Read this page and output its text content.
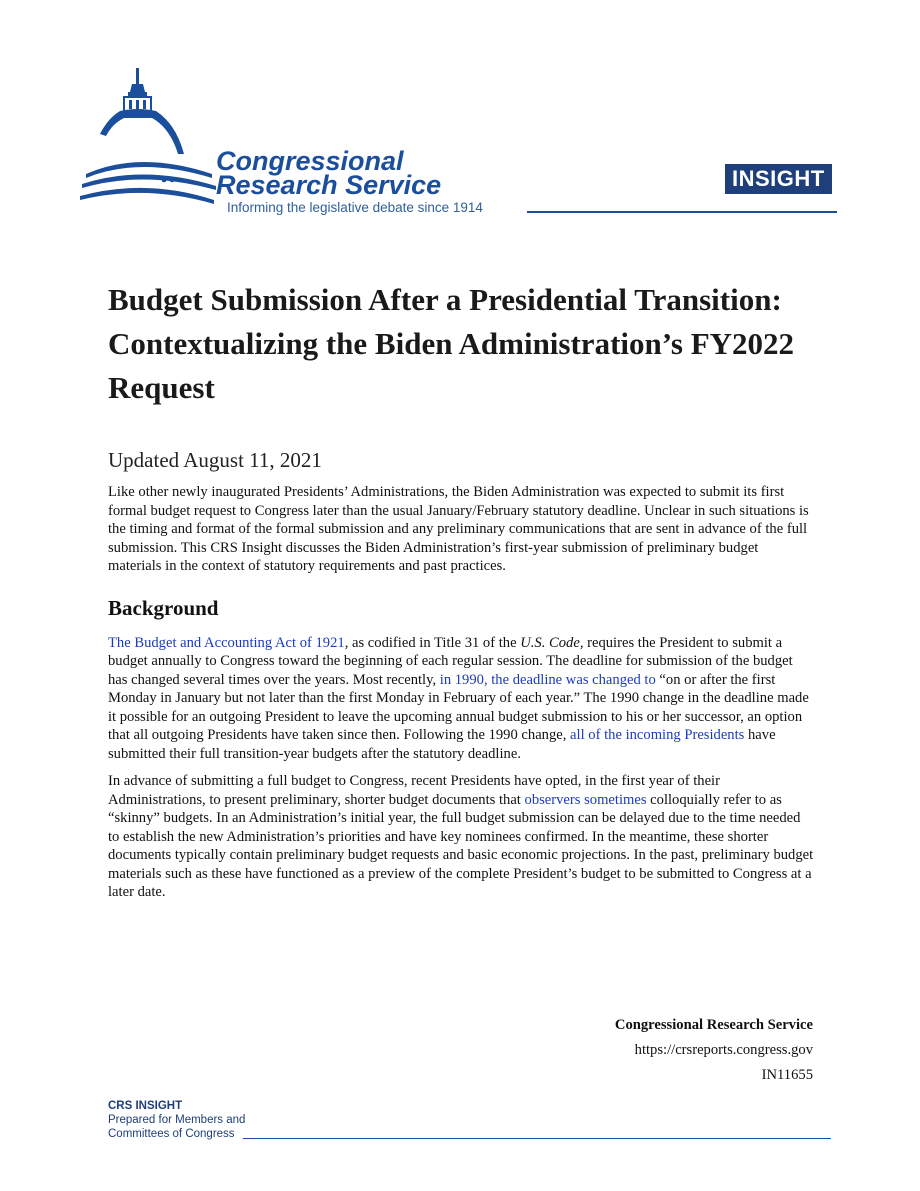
Congressional
Research Service
Informing the legislative debate since 1914
INSIGHT
Budget Submission After a Presidential Transition: Contextualizing the Biden Administration’s FY2022 Request
Updated August 11, 2021

Like other newly inaugurated Presidents’ Administrations, the Biden Administration was expected to submit its first formal budget request to Congress later than the usual January/February statutory deadline. Unclear in such situations is the timing and format of the formal submission and any preliminary communications that are sent in advance of the full submission. This CRS Insight discusses the Biden Administration’s first-year submission of preliminary budget materials in the context of statutory requirements and past practices.

Background

The Budget and Accounting Act of 1921, as codified in Title 31 of the U.S. Code, requires the President to submit a budget annually to Congress toward the beginning of each regular session. The deadline for submission of the budget has changed several times over the years. Most recently, in 1990, the deadline was changed to “on or after the first Monday in January but not later than the first Monday in February of each year.” The 1990 change in the deadline made it possible for an outgoing President to leave the upcoming annual budget submission to his or her successor, an option that all outgoing Presidents have taken since then. Following the 1990 change, all of the incoming Presidents have submitted their full transition-year budgets after the statutory deadline.

In advance of submitting a full budget to Congress, recent Presidents have opted, in the first year of their Administrations, to present preliminary, shorter budget documents that observers sometimes colloquially refer to as “skinny” budgets. In an Administration’s initial year, the full budget submission can be delayed due to the time needed to establish the new Administration’s priorities and have key nominees confirmed. In the meantime, these shorter documents typically contain preliminary budget requests and basic economic projections. In the past, preliminary budget materials such as these have functioned as a preview of the complete President’s budget to be submitted to Congress at a later date.

Congressional Research Service
https://crsreports.congress.gov
IN11655
CRS INSIGHT
Prepared for Members and
Committees of Congress
